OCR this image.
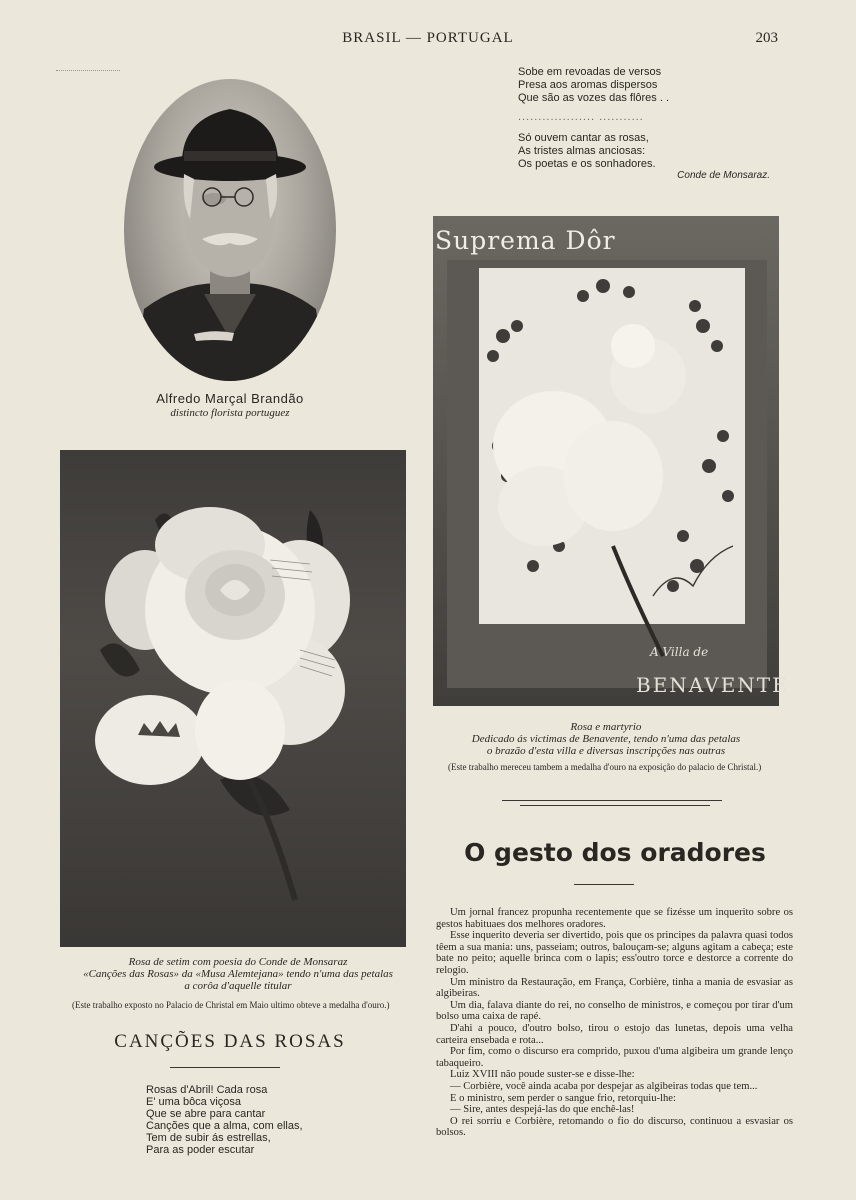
BRASIL — PORTUGAL	203
Sobe em revoadas de versos
Presa aos aromas dispersos
Que são as vozes das flôres . .
................... ...........
Só ouvem cantar as rosas,
As tristes almas anciosas:
Os poetas e os sonhadores.
Conde de Monsaraz.
Alfredo Marçal Brandão
distincto florista portuguez
Rosa de setim com poesia do Conde de Monsaraz
«Canções das Rosas» da «Musa Alemtejana» tendo n'uma das petalas
a corôa d'aquelle titular
(Este trabalho exposto no Palacio de Christal em Maio ultimo obteve a medalha d'ouro.)
CANÇÕES DAS ROSAS
Rosas d'Abril! Cada rosa
E' uma bôca viçosa
Que se abre para cantar
Canções que a alma, com ellas,
Tem de subir ás estrellas,
Para as poder escutar
Suprema Dôr
A Villa de
BENAVENTE
Rosa e martyrio
Dedicado ás victimas de Benavente, tendo n'uma das petalas
o brazão d'esta villa e diversas inscripções nas outras
(Este trabalho mereceu tambem a medalha d'ouro na exposição do palacio de Christal.)
O gesto dos oradores

Um jornal francez propunha recentemente que se fizésse um inquerito sobre os gestos habituaes dos melhores oradores.

Esse inquerito deveria ser divertido, pois que os principes da palavra quasi todos têem a sua mania: uns, passeiam; outros, balouçam-se; alguns agitam a cabeça; este bate no peito; aquelle brinca com o lapis; ess'outro torce e destorce a corrente do relogio.

Um ministro da Restauração, em França, Corbière, tinha a mania de esvasiar as algibeiras.

Um dia, falava diante do rei, no conselho de ministros, e começou por tirar d'um bolso uma caixa de rapé.

D'ahi a pouco, d'outro bolso, tirou o estojo das lunetas, depois uma velha carteira ensebada e rota...

Por fim, como o discurso era comprido, puxou d'uma algibeira um grande lenço tabaqueiro.

Luiz XVIII não poude suster-se e disse-lhe:

— Corbière, você ainda acaba por despejar as algibeiras todas que tem...

E o ministro, sem perder o sangue frio, retorquiu-lhe:

— Sire, antes despejá-las do que enchê-las!

O rei sorriu e Corbière, retomando o fio do discurso, continuou a esvasiar os bolsos.
